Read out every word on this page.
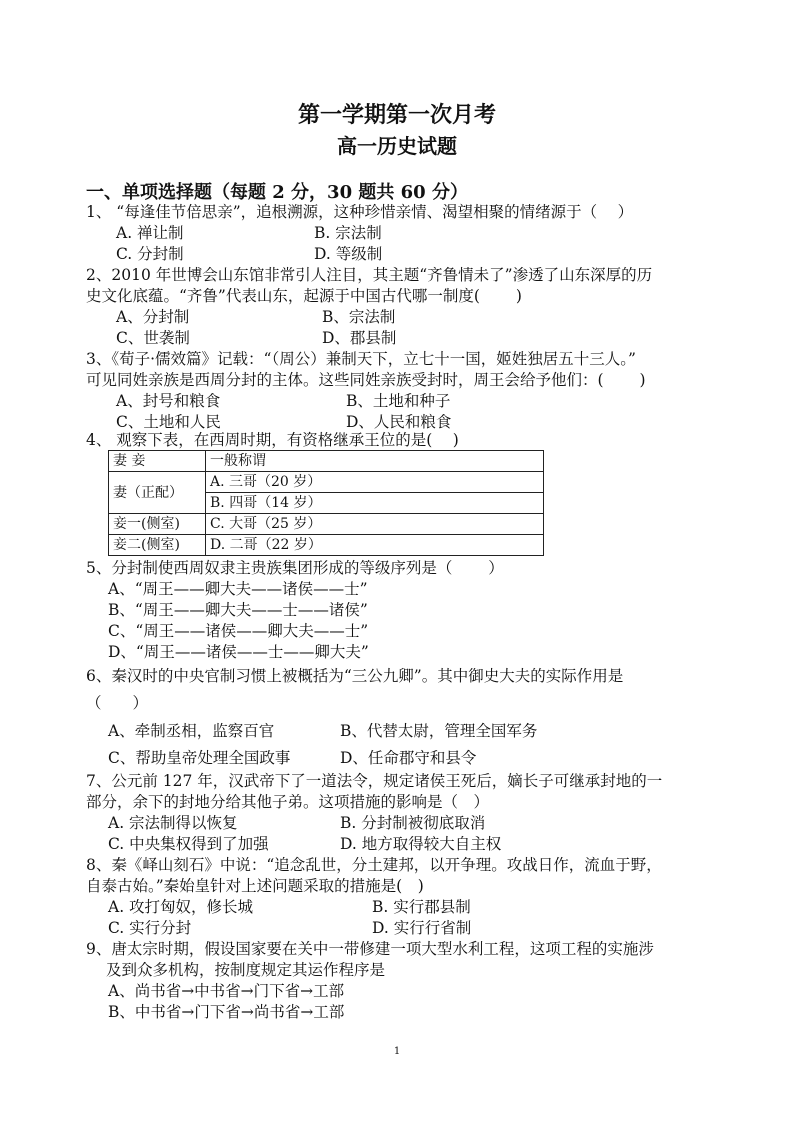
第一学期第一次月考
高一历史试题
一、单项选择题（每题 2 分，30 题共 60 分）
1、 “每逢佳节倍思亲”，追根溯源，这种珍惜亲情、渴望相聚的情绪源于（　 ）
A. 禅让制	B. 宗法制
C. 分封制	D. 等级制
2、2010 年世博会山东馆非常引人注目，其主题“齐鲁情未了”渗透了山东深厚的历
史文化底蕴。“齐鲁”代表山东，起源于中国古代哪一制度(　　 )
A、分封制	B、宗法制
C、世袭制	D、郡县制
3、《荀子·儒效篇》记载：“（周公）兼制天下，立七十一国，姬姓独居五十三人。”
可见同姓亲族是西周分封的主体。这些同姓亲族受封时，周王会给予他们：(　　 )
A、封号和粮食	B、土地和种子
C、土地和人民	D、人民和粮食
4、 观察下表，在西周时期，有资格继承王位的是(　 )
妻 妾	一般称谓
妻（正配）	A. 三哥（20 岁）
	B. 四哥（14 岁）
妾一(侧室)	C. 大哥（25 岁）
妾二(侧室)	D. 二哥（22 岁）
5、分封制使西周奴隶主贵族集团形成的等级序列是（　　 ）
A、“周王——卿大夫——诸侯——士”
B、“周王——卿大夫——士——诸侯”
C、“周王——诸侯——卿大夫——士”
D、“周王——诸侯——士——卿大夫”
6、秦汉时的中央官制习惯上被概括为“三公九卿”。其中御史大夫的实际作用是
（　　）
A、牵制丞相，监察百官	B、代替太尉，管理全国军务
C、帮助皇帝处理全国政事	D、任命郡守和县令
7、公元前 127 年，汉武帝下了一道法令，规定诸侯王死后，嫡长子可继承封地的一
部分，余下的封地分给其他子弟。这项措施的影响是（　）
A. 宗法制得以恢复	B. 分封制被彻底取消
C. 中央集权得到了加强	D. 地方取得较大自主权
8、秦《峄山刻石》中说：“追念乱世，分土建邦，以开争理。攻战日作，流血于野，
自泰古始。”秦始皇针对上述问题采取的措施是(　)
A. 攻打匈奴，修长城	B. 实行郡县制
C. 实行分封	D. 实行行省制
9、唐太宗时期，假设国家要在关中一带修建一项大型水利工程，这项工程的实施涉
及到众多机构，按制度规定其运作程序是
A、尚书省→中书省→门下省→工部
B、中书省→门下省→尚书省→工部
1
